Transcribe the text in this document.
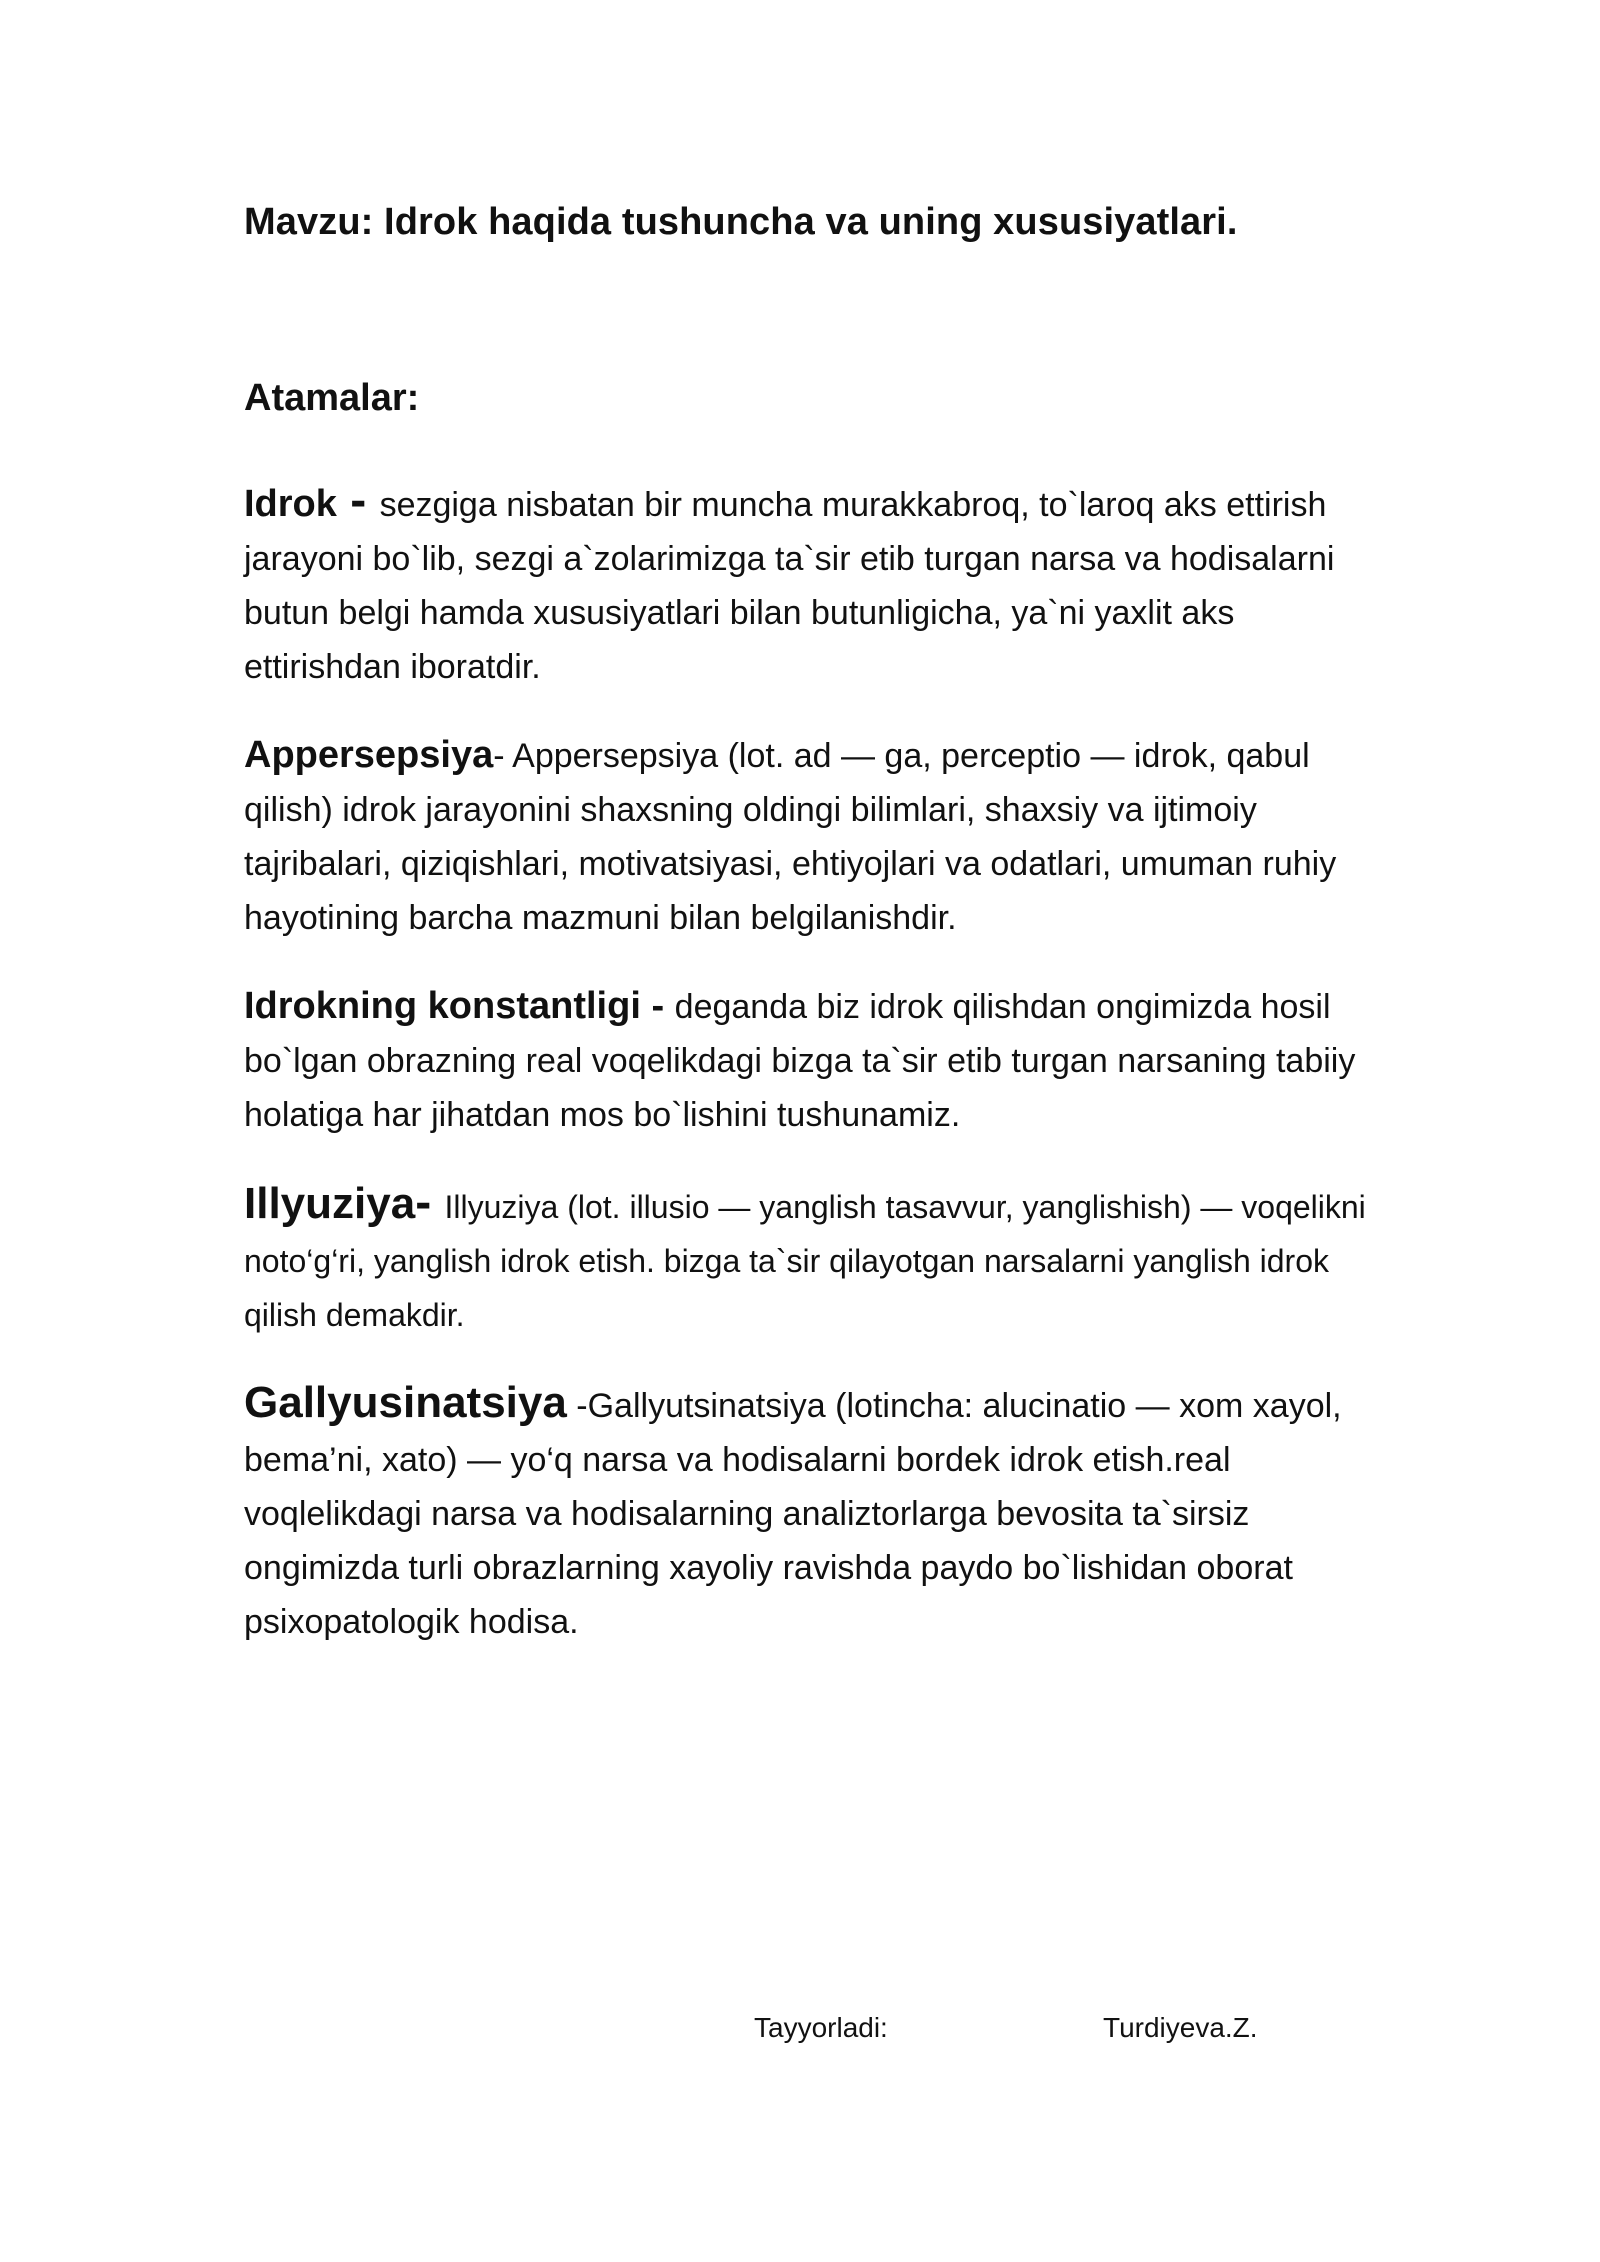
Mavzu: Idrok haqida tushuncha va uning xususiyatlari.

Atamalar:

Idrok - sezgiga nisbatan bir muncha murakkabroq, to`laroq aks ettirish jarayoni bo`lib, sezgi a`zolarimizga ta`sir etib turgan narsa va hodisalarni butun belgi hamda xususiyatlari bilan butunligicha, ya`ni yaxlit aks ettirishdan iboratdir.

Appersepsiya- Appersepsiya (lot. ad — ga, perceptio — idrok, qabul qilish) idrok jarayonini shaxsning oldingi bilimlari, shaxsiy va ijtimoiy tajribalari, qiziqishlari, motivatsiyasi, ehtiyojlari va odatlari, umuman ruhiy hayotining barcha mazmuni bilan belgilanishdir.

Idrokning konstantligi - deganda biz idrok qilishdan ongimizda hosil bo`lgan obrazning real voqelikdagi bizga ta`sir etib turgan narsaning tabiiy holatiga har jihatdan mos bo`lishini tushunamiz.

Illyuziya- Illyuziya (lot. illusio — yanglish tasavvur, yanglishish) — voqelikni noto‘g‘ri, yanglish idrok etish. bizga ta`sir qilayotgan narsalarni yanglish idrok qilish demakdir.

Gallyusinatsiya -Gallyutsinatsiya (lotincha: alucinatio — xom xayol, bema’ni, xato) — yo‘q narsa va hodisalarni bordek idrok etish.real voqlelikdagi narsa va hodisalarning analiztorlarga bevosita ta`sirsiz ongimizda turli obrazlarning xayoliy ravishda paydo bo`lishidan oborat psixopatologik hodisa.

Tayyorladi:	Turdiyeva.Z.
